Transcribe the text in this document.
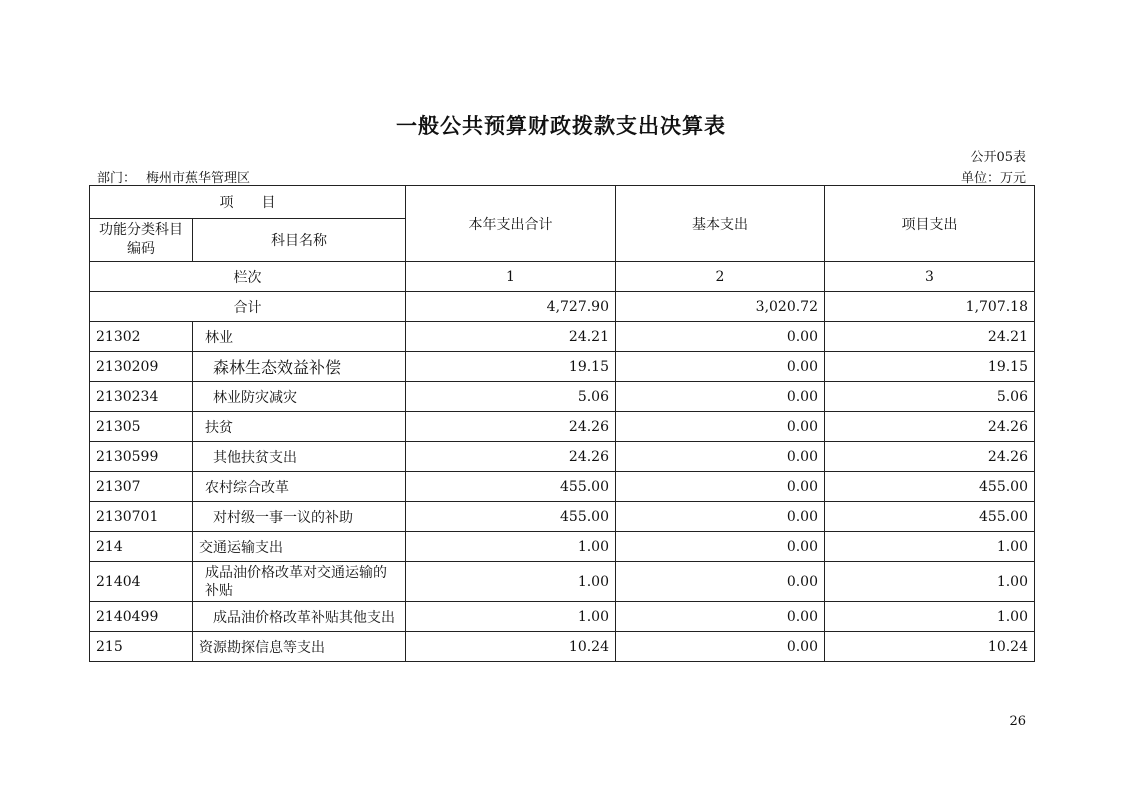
一般公共预算财政拨款支出决算表
公开05表
部门： 梅州市蕉华管理区	单位：万元
项　　目		本年支出合计	基本支出	项目支出
功能分类科目编码	科目名称			
栏次		1	2	3
合计		4,727.90	3,020.72	1,707.18
21302	林业	24.21	0.00	24.21
2130209	森林生态效益补偿	19.15	0.00	19.15
2130234	林业防灾减灾	5.06	0.00	5.06
21305	扶贫	24.26	0.00	24.26
2130599	其他扶贫支出	24.26	0.00	24.26
21307	农村综合改革	455.00	0.00	455.00
2130701	对村级一事一议的补助	455.00	0.00	455.00
214	交通运输支出	1.00	0.00	1.00
21404	成品油价格改革对交通运输的补贴	1.00	0.00	1.00
2140499	成品油价格改革补贴其他支出	1.00	0.00	1.00
215	资源勘探信息等支出	10.24	0.00	10.24
26
